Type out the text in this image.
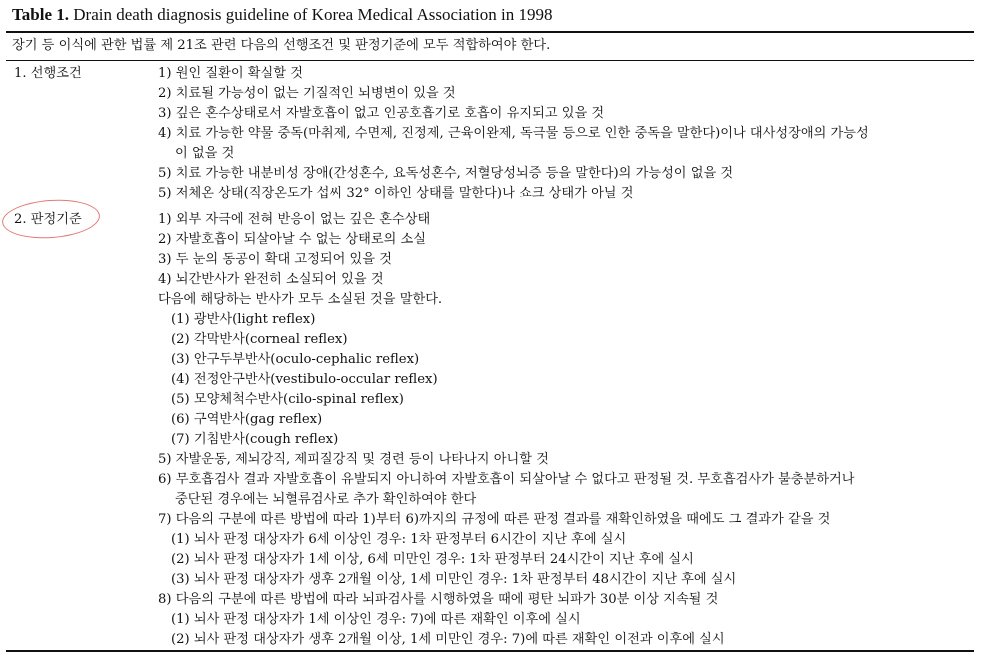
Table 1. Drain death diagnosis guideline of Korea Medical Association in 1998
장기 등 이식에 관한 법률 제 21조 관련 다음의 선행조건 및 판정기준에 모두 적합하여야 한다.
1. 선행조건	1) 원인 질환이 확실할 것
2) 치료될 가능성이 없는 기질적인 뇌병변이 있을 것
3) 깊은 혼수상태로서 자발호흡이 없고 인공호흡기로 호흡이 유지되고 있을 것
4) 치료 가능한 약물 중독(마취제, 수면제, 진정제, 근육이완제, 독극물 등으로 인한 중독을 말한다)이나 대사성장애의 가능성
이 없을 것
5) 치료 가능한 내분비성 장애(간성혼수, 요독성혼수, 저혈당성뇌증 등을 말한다)의 가능성이 없을 것
5) 저체온 상태(직장온도가 섭씨 32° 이하인 상태를 말한다)나 쇼크 상태가 아닐 것
2. 판정기준	1) 외부 자극에 전혀 반응이 없는 깊은 혼수상태
2) 자발호흡이 되살아날 수 없는 상태로의 소실
3) 두 눈의 동공이 확대 고정되어 있을 것
4) 뇌간반사가 완전히 소실되어 있을 것
다음에 해당하는 반사가 모두 소실된 것을 말한다.
(1) 광반사(light reflex)
(2) 각막반사(corneal reflex)
(3) 안구두부반사(oculo-cephalic reflex)
(4) 전정안구반사(vestibulo-occular reflex)
(5) 모양체척수반사(cilo-spinal reflex)
(6) 구역반사(gag reflex)
(7) 기침반사(cough reflex)
5) 자발운동, 제뇌강직, 제피질강직 및 경련 등이 나타나지 아니할 것
6) 무호흡검사 결과 자발호흡이 유발되지 아니하여 자발호흡이 되살아날 수 없다고 판정될 것. 무호흡검사가 불충분하거나
중단된 경우에는 뇌혈류검사로 추가 확인하여야 한다
7) 다음의 구분에 따른 방법에 따라 1)부터 6)까지의 규정에 따른 판정 결과를 재확인하였을 때에도 그 결과가 같을 것
(1) 뇌사 판정 대상자가 6세 이상인 경우: 1차 판정부터 6시간이 지난 후에 실시
(2) 뇌사 판정 대상자가 1세 이상, 6세 미만인 경우: 1차 판정부터 24시간이 지난 후에 실시
(3) 뇌사 판정 대상자가 생후 2개월 이상, 1세 미만인 경우: 1차 판정부터 48시간이 지난 후에 실시
8) 다음의 구분에 따른 방법에 따라 뇌파검사를 시행하였을 때에 평탄 뇌파가 30분 이상 지속될 것
(1) 뇌사 판정 대상자가 1세 이상인 경우: 7)에 따른 재확인 이후에 실시
(2) 뇌사 판정 대상자가 생후 2개월 이상, 1세 미만인 경우: 7)에 따른 재확인 이전과 이후에 실시
